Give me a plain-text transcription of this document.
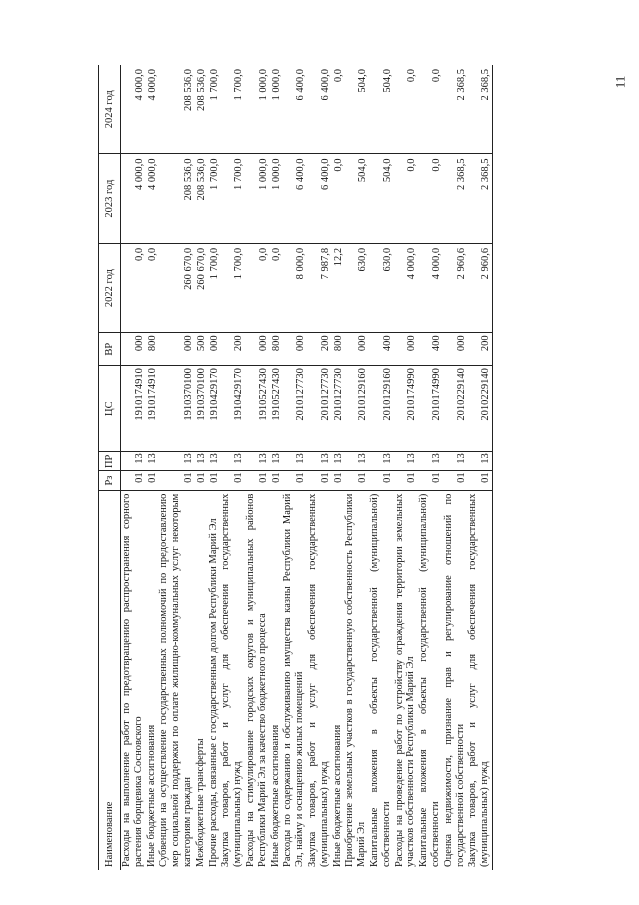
11
Наименование	Рз	ПР	ЦС	ВР	2022 год	2023 год	2024 год
Расходы на выполнение работ по предотвращению распространения сорного растения борщевика Сосновского	01	13	1910174910	000	0,0	4 000,0	4 000,0
Иные бюджетные ассигнования	01	13	1910174910	800	0,0	4 000,0	4 000,0
Субвенции на осуществление государственных полномочий по предоставлению мер социальной поддержки по оплате жилищно-коммунальных услуг некоторым категориям граждан	01	13	1910370100	000	260 670,0	208 536,0	208 536,0
Межбюджетные трансферты	01	13	1910370100	500	260 670,0	208 536,0	208 536,0
Прочие расходы, связанные с государственным долгом Республики Марий Эл	01	13	1910429170	000	1 700,0	1 700,0	1 700,0
Закупка товаров, работ и услуг для обеспечения государственных (муниципальных) нужд	01	13	1910429170	200	1 700,0	1 700,0	1 700,0
Расходы на стимулирование городских округов и муниципальных районов Республики Марий Эл за качество бюджетного процесса	01	13	1910527430	000	0,0	1 000,0	1 000,0
Иные бюджетные ассигнования	01	13	1910527430	800	0,0	1 000,0	1 000,0
Расходы по содержанию и обслуживанию имущества казны Республики Марий Эл, найму и оснащению жилых помещений	01	13	2010127730	000	8 000,0	6 400,0	6 400,0
Закупка товаров, работ и услуг для обеспечения государственных (муниципальных) нужд	01	13	2010127730	200	7 987,8	6 400,0	6 400,0
Иные бюджетные ассигнования	01	13	2010127730	800	12,2	0,0	0,0
Приобретение земельных участков в государственную собственность Республики Марий Эл	01	13	2010129160	000	630,0	504,0	504,0
Капитальные вложения в объекты государственной (муниципальной) собственности	01	13	2010129160	400	630,0	504,0	504,0
Расходы на проведение работ по устройству ограждения территории земельных участков собственности Республики Марий Эл	01	13	2010174990	000	4 000,0	0,0	0,0
Капитальные вложения в объекты государственной (муниципальной) собственности	01	13	2010174990	400	4 000,0	0,0	0,0
Оценка недвижимости, признание прав и регулирование отношений по государственной собственности	01	13	2010229140	000	2 960,6	2 368,5	2 368,5
Закупка товаров, работ и услуг для обеспечения государственных (муниципальных) нужд	01	13	2010229140	200	2 960,6	2 368,5	2 368,5
